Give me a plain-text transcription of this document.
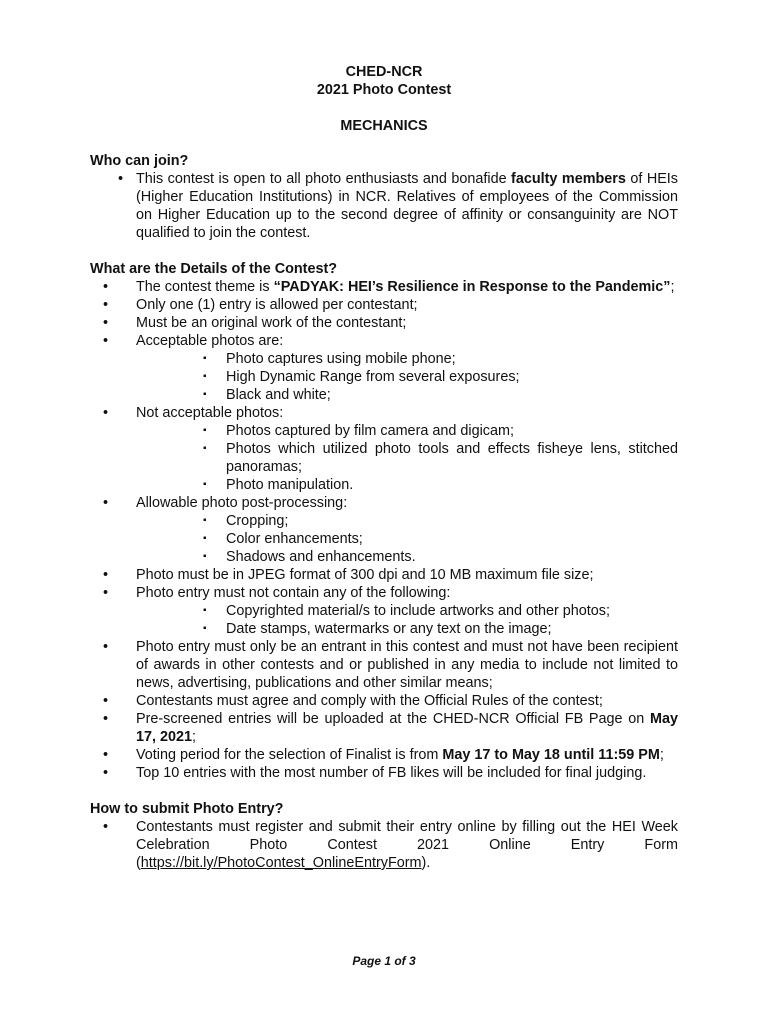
CHED-NCR
2021 Photo Contest
MECHANICS

Who can join?

• This contest is open to all photo enthusiasts and bonafide faculty members of HEIs (Higher Education Institutions) in NCR. Relatives of employees of the Commission on Higher Education up to the second degree of affinity or consanguinity are NOT qualified to join the contest.

What are the Details of the Contest?

•	The contest theme is “PADYAK: HEI’s Resilience in Response to the Pandemic”;
•	Only one (1) entry is allowed per contestant;
•	Must be an original work of the contestant;
•	Acceptable photos are:
▪ Photo captures using mobile phone;
▪ High Dynamic Range from several exposures;
▪ Black and white;
•	Not acceptable photos:
▪ Photos captured by film camera and digicam;
▪ Photos which utilized photo tools and effects fisheye lens, stitched panoramas;
▪ Photo manipulation.
•	Allowable photo post-processing:
▪ Cropping;
▪ Color enhancements;
▪ Shadows and enhancements.
•	Photo must be in JPEG format of 300 dpi and 10 MB maximum file size;
•	Photo entry must not contain any of the following:
▪ Copyrighted material/s to include artworks and other photos;
▪ Date stamps, watermarks or any text on the image;
•	Photo entry must only be an entrant in this contest and must not have been recipient of awards in other contests and or published in any media to include not limited to news, advertising, publications and other similar means;
•	Contestants must agree and comply with the Official Rules of the contest;
•	Pre-screened entries will be uploaded at the CHED-NCR Official FB Page on May 17, 2021;
•	Voting period for the selection of Finalist is from May 17 to May 18 until 11:59 PM;
•	Top 10 entries with the most number of FB likes will be included for final judging.

How to submit Photo Entry?

•	Contestants must register and submit their entry online by filling out the HEI Week Celebration Photo Contest 2021 Online Entry Form (https://bit.ly/PhotoContest_OnlineEntryForm).
Page 1 of 3
